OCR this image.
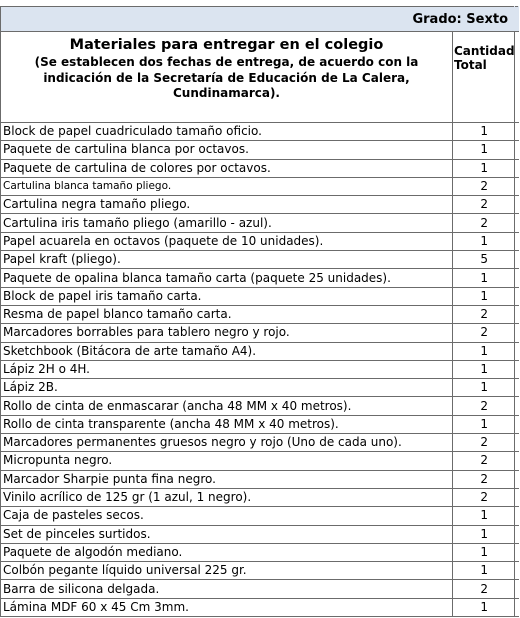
Grado: Sexto		

Materiales para entregar en el colegio
(Se establecen dos fechas de entrega, de acuerdo con la indicación de la Secretaría de Educación de La Calera, Cundinamarca).	Cantidad Total	
Block de papel cuadriculado tamaño oficio.	1	
Paquete de cartulina blanca por octavos.	1	
Paquete de cartulina de colores por octavos.	1	
Cartulina blanca tamaño pliego.	2	
Cartulina negra tamaño pliego.	2	
Cartulina iris tamaño pliego (amarillo - azul).	2	
Papel acuarela en octavos (paquete de 10 unidades).	1	
Papel kraft (pliego).	5	
Paquete de opalina blanca tamaño carta (paquete 25 unidades).	1	
Block de papel iris tamaño carta.	1	
Resma de papel blanco tamaño carta.	2	
Marcadores borrables para tablero negro y rojo.	2	
Sketchbook (Bitácora de arte tamaño A4).	1	
Lápiz 2H o 4H.	1	
Lápiz 2B.	1	
Rollo de cinta de enmascarar (ancha 48 MM x 40 metros).	2	
Rollo de cinta transparente (ancha 48 MM x 40 metros).	1	
Marcadores permanentes gruesos negro y rojo (Uno de cada uno).	2	
Micropunta negro.	2	
Marcador Sharpie punta fina negro.	2	
Vinilo acrílico de 125 gr (1 azul, 1 negro).	2	
Caja de pasteles secos.	1	
Set de pinceles surtidos.	1	
Paquete de algodón mediano.	1	
Colbón pegante líquido universal 225 gr.	1	
Barra de silicona delgada.	2	
Lámina MDF 60 x 45 Cm 3mm.	1	
